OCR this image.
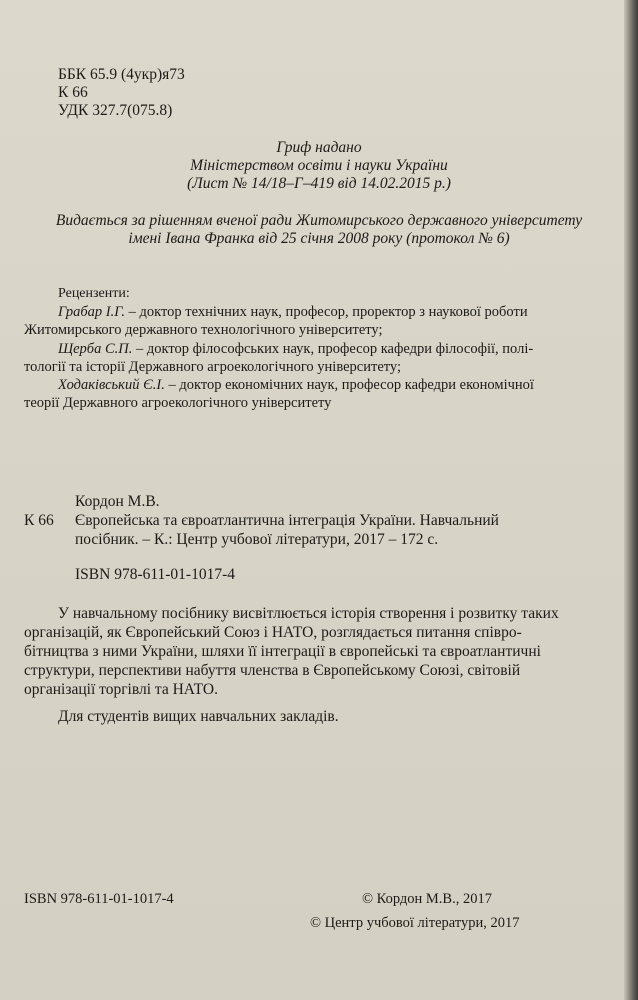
ББК 65.9 (4укр)я73
К 66
УДК 327.7(075.8)
Гриф надано
Міністерством освіти і науки України
(Лист № 14/18–Г–419 від 14.02.2015 р.)
Видається за рішенням вченої ради Житомирського державного університету
імені Івана Франка від 25 січня 2008 року (протокол № 6)
Рецензенти:
Грабар І.Г. – доктор технічних наук, професор, проректор з наукової роботи
Житомирського державного технологічного університету;
Щерба С.П. – доктор філософських наук, професор кафедри філософії, полі-
тології та історії Державного агроекологічного університету;
Ходаківський Є.І. – доктор економічних наук, професор кафедри економічної
теорії Державного агроекологічного університету
Кордон М.В.
К 66 Європейська та євроатлантична інтеграція України. Навчальний
посібник. – К.: Центр учбової літератури, 2017 – 172 с.
ISBN 978-611-01-1017-4
У навчальному посібнику висвітлюється історія створення і розвитку таких
організацій, як Європейський Союз і НАТО, розглядається питання співро-
бітництва з ними України, шляхи її інтеграції в європейські та євроатлантичні
структури, перспективи набуття членства в Європейському Союзі, світовій
організації торгівлі та НАТО.
Для студентів вищих навчальних закладів.
ISBN 978-611-01-1017-4	© Кордон М.В., 2017
© Центр учбової літератури, 2017
